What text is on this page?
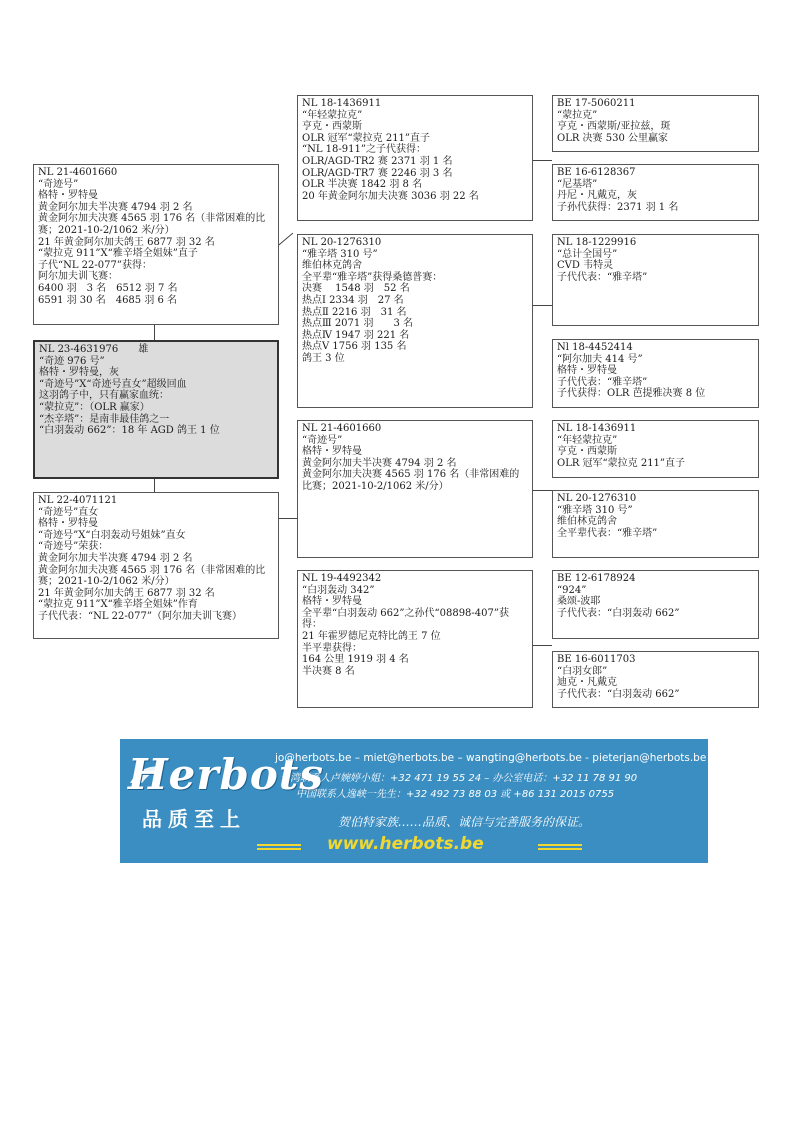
NL 21-4601660
“奇迹号”
格特・罗特曼
黄金阿尔加夫半决赛 4794 羽 2 名
黄金阿尔加夫决赛 4565 羽 176 名（非常困难的比赛；2021-10-2/1062 米/分）
21 年黄金阿尔加夫鸽王 6877 羽 32 名
“蒙拉克 911”X“雅辛塔全姐妹”直子
子代“NL 22-077”获得：
阿尔加夫训飞赛：
6400 羽　3 名　6512 羽 7 名
6591 羽 30 名　4685 羽 6 名
NL 23-4631976　　雄
“奇迹 976 号”
格特・罗特曼，灰
“奇迹号”X“奇迹号直女”超级回血
这羽鸽子中，只有赢家血统：
“蒙拉克”：（OLR 赢家）
“杰辛塔”：是南非最佳鸽之一
“白羽轰动 662”：18 年 AGD 鸽王 1 位
NL 22-4071121
“奇迹号”直女
格特・罗特曼
“奇迹号”X“白羽轰动号姐妹”直女
“奇迹号”荣获：
黄金阿尔加夫半决赛 4794 羽 2 名
黄金阿尔加夫决赛 4565 羽 176 名（非常困难的比赛；2021-10-2/1062 米/分）
21 年黄金阿尔加夫鸽王 6877 羽 32 名
“蒙拉克 911”X“雅辛塔全姐妹”作育
子代代表：“NL 22-077”（阿尔加夫训飞赛）
NL 18-1436911
“年轻蒙拉克”
亨克・西蒙斯
OLR 冠军“蒙拉克 211”直子
“NL 18-911”之子代获得：
OLR/AGD-TR2 赛 2371 羽 1 名
OLR/AGD-TR7 赛 2246 羽 3 名
OLR 半决赛 1842 羽 8 名
20 年黄金阿尔加夫决赛 3036 羽 22 名
NL 20-1276310
“雅辛塔 310 号”
维伯林克鸽舍
全平辈“雅辛塔”获得桑德普赛：
决赛　 1548 羽　52 名
热点Ⅰ 2334 羽　27 名
热点Ⅱ 2216 羽　31 名
热点Ⅲ 2071 羽　　3 名
热点Ⅳ 1947 羽 221 名
热点Ⅴ 1756 羽 135 名
鸽王 3 位
NL 21-4601660
“奇迹号”
格特・罗特曼
黄金阿尔加夫半决赛 4794 羽 2 名
黄金阿尔加夫决赛 4565 羽 176 名（非常困难的比赛；2021-10-2/1062 米/分）
NL 19-4492342
“白羽轰动 342”
格特・罗特曼
全平辈“白羽轰动 662”之孙代“08898-407”获得：
21 年霍罗德尼克特比鸽王 7 位
半平辈获得：
164 公里 1919 羽 4 名
半决赛 8 名
BE 17-5060211
“蒙拉克”
亨克・西蒙斯/亚拉兹，斑
OLR 决赛 530 公里赢家
BE 16-6128367
“尼基塔”
丹尼・凡戴克，灰
子孙代获得：2371 羽 1 名
NL 18-1229916
“总计全国号”
CVD 韦特灵
子代代表：“雅辛塔”
Nl 18-4452414
“阿尔加夫 414 号”
格特・罗特曼
子代代表：“雅辛塔”
子代获得：OLR 芭提雅决赛 8 位
NL 18-1436911
“年轻蒙拉克”
亨克・西蒙斯
OLR 冠军“蒙拉克 211”直子
NL 20-1276310
“雅辛塔 310 号”
维伯林克鸽舍
全平辈代表：“雅辛塔”
BE 12-6178924
“924”
桑颂-波耶
子代代表：“白羽轰动 662”
BE 16-6011703
“白羽女郎”
迪克・凡戴克
子代代表：“白羽轰动 662”
Herbots
品质至上
jo@herbots.be – miet@herbots.be – wangting@herbots.be - pieterjan@herbots.be
台湾联系人卢婉婷小姐：+32 471 19 55 24 – 办公室电话：+32 11 78 91 90
中国联系人逸峡一先生：+32 492 73 88 03 或 +86 131 2015 0755
贺伯特家族……品质、诚信与完善服务的保证。
www.herbots.be
